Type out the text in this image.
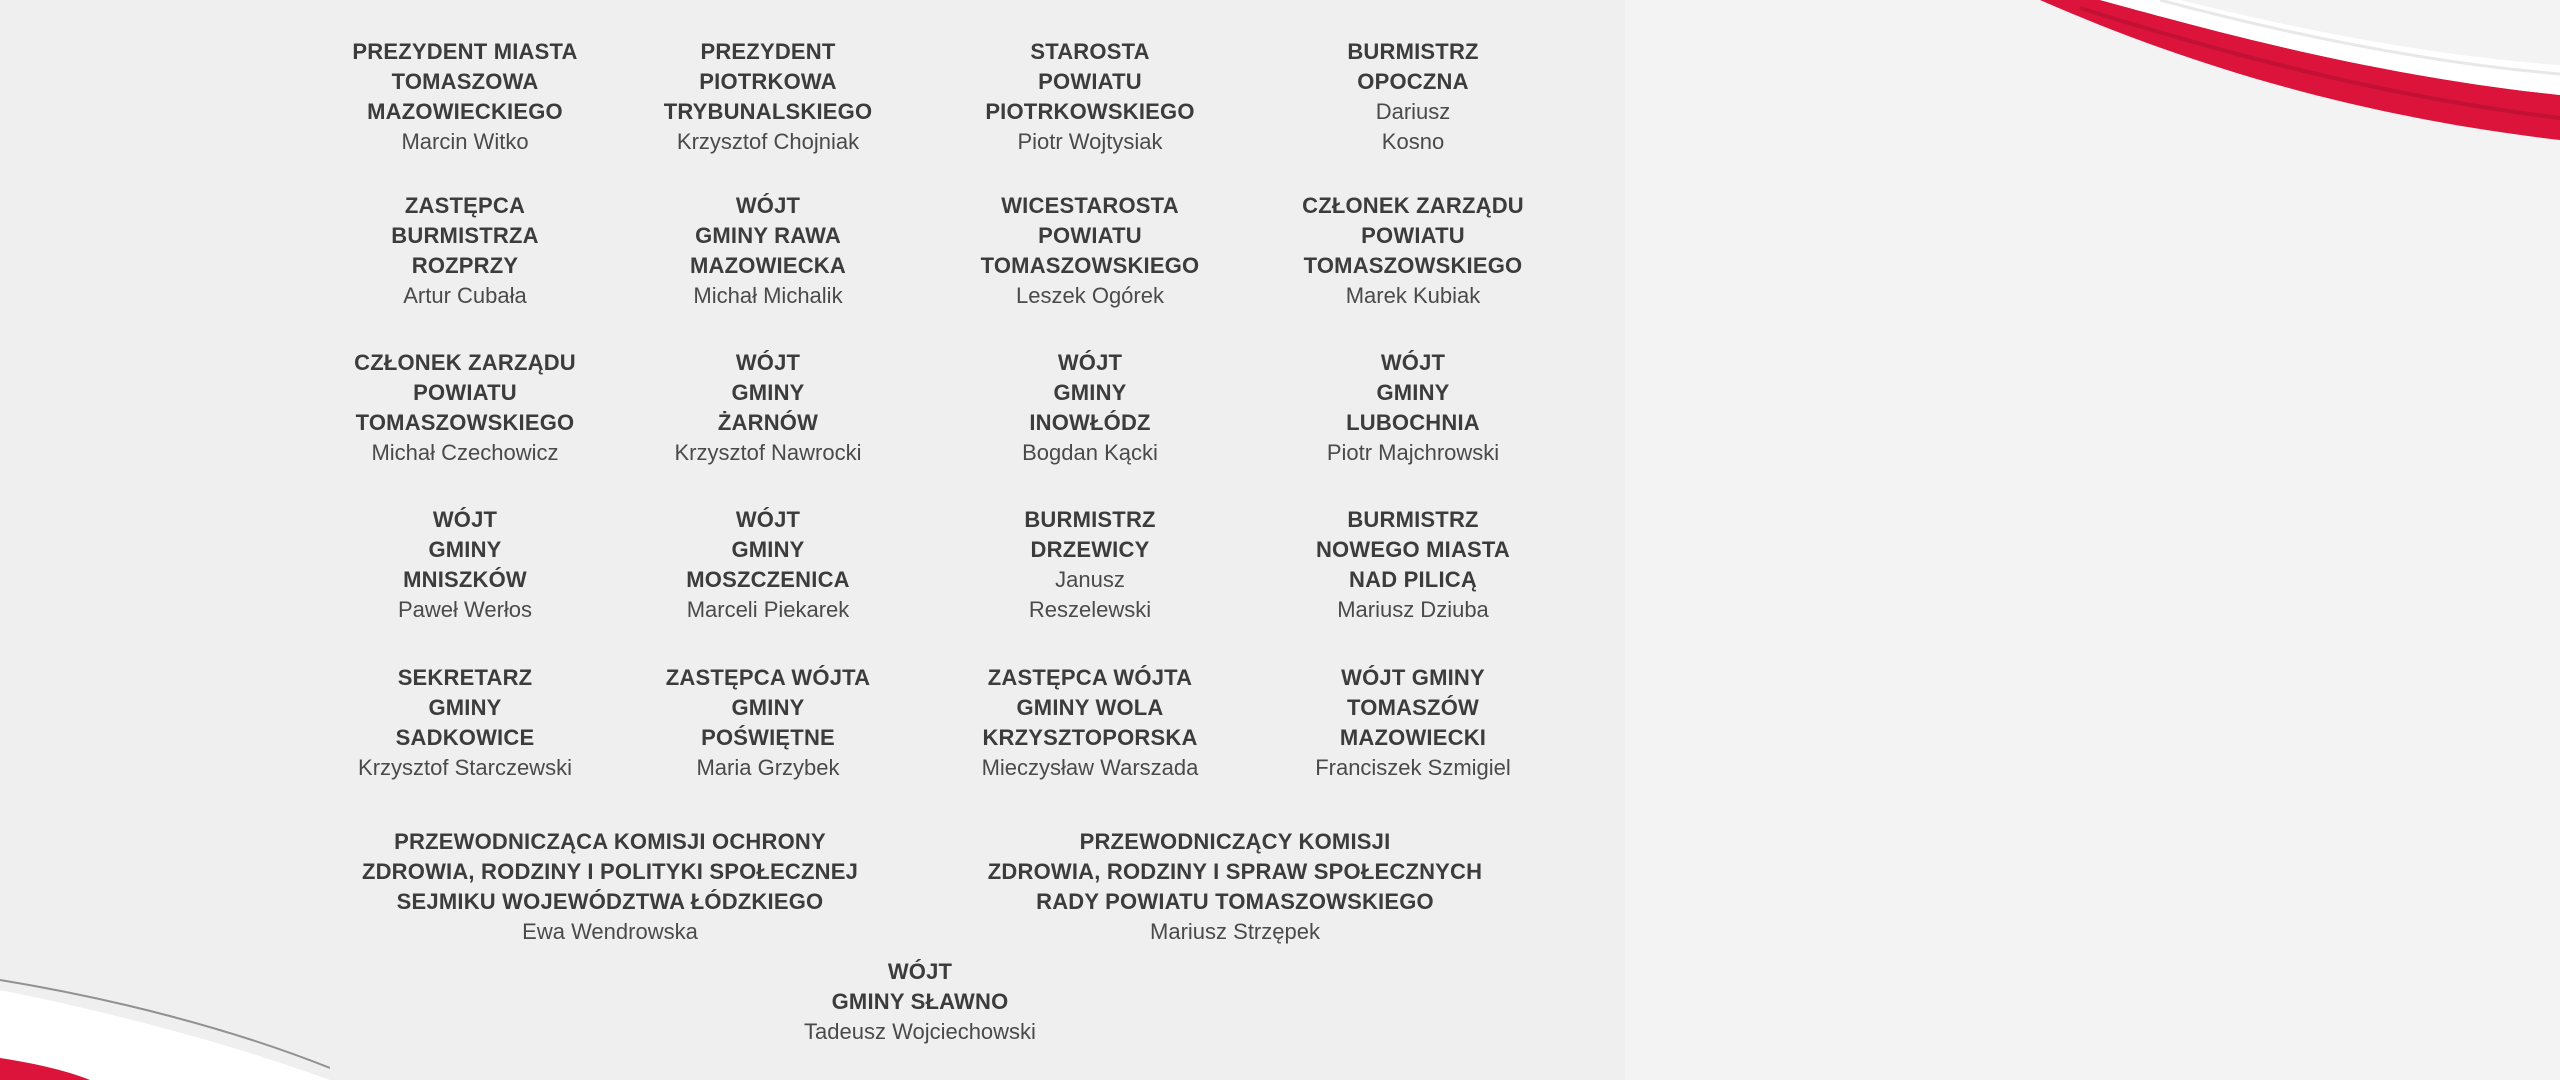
PREZYDENT MIASTA
TOMASZOWA
MAZOWIECKIEGO
Marcin Witko
PREZYDENT
PIOTRKOWA
TRYBUNALSKIEGO
Krzysztof Chojniak
STAROSTA
POWIATU
PIOTRKOWSKIEGO
Piotr Wojtysiak
BURMISTRZ
OPOCZNA
Dariusz
Kosno
ZASTĘPCA
BURMISTRZA
ROZPRZY
Artur Cubała
WÓJT
GMINY RAWA
MAZOWIECKA
Michał Michalik
WICESTAROSTA
POWIATU
TOMASZOWSKIEGO
Leszek Ogórek
CZŁONEK ZARZĄDU
POWIATU
TOMASZOWSKIEGO
Marek Kubiak
CZŁONEK ZARZĄDU
POWIATU
TOMASZOWSKIEGO
Michał Czechowicz
WÓJT
GMINY
ŻARNÓW
Krzysztof Nawrocki
WÓJT
GMINY
INOWŁÓDZ
Bogdan Kącki
WÓJT
GMINY
LUBOCHNIA
Piotr Majchrowski
WÓJT
GMINY
MNISZKÓW
Paweł Werłos
WÓJT
GMINY
MOSZCZENICA
Marceli Piekarek
BURMISTRZ
DRZEWICY
Janusz
Reszelewski
BURMISTRZ
NOWEGO MIASTA
NAD PILICĄ
Mariusz Dziuba
SEKRETARZ
GMINY
SADKOWICE
Krzysztof Starczewski
ZASTĘPCA WÓJTA
GMINY
POŚWIĘTNE
Maria Grzybek
ZASTĘPCA WÓJTA
GMINY WOLA
KRZYSZTOPORSKA
Mieczysław Warszada
WÓJT GMINY
TOMASZÓW
MAZOWIECKI
Franciszek Szmigiel
PRZEWODNICZĄCA KOMISJI OCHRONY
ZDROWIA, RODZINY I POLITYKI SPOŁECZNEJ
SEJMIKU WOJEWÓDZTWA ŁÓDZKIEGO
Ewa Wendrowska
PRZEWODNICZĄCY KOMISJI
ZDROWIA, RODZINY I SPRAW SPOŁECZNYCH
RADY POWIATU TOMASZOWSKIEGO
Mariusz Strzępek
WÓJT
GMINY SŁAWNO
Tadeusz Wojciechowski
